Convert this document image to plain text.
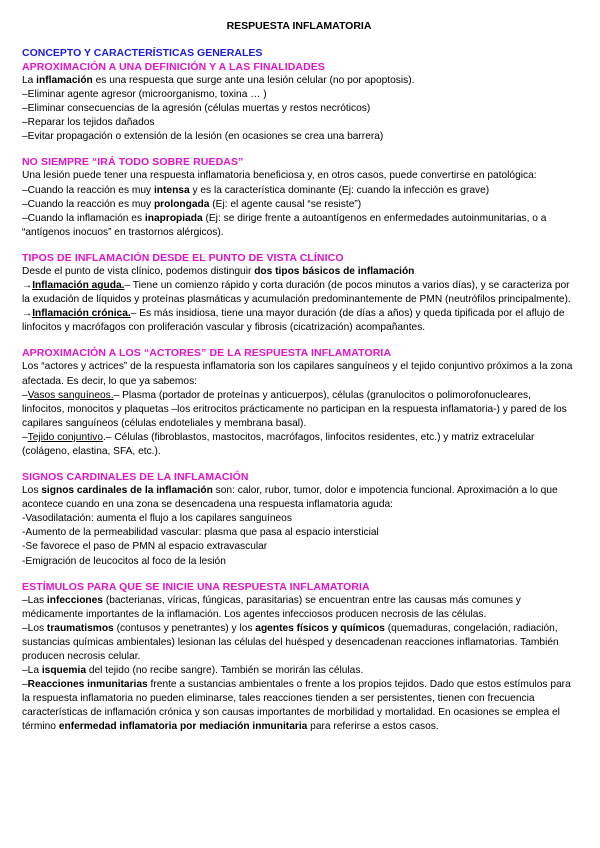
RESPUESTA INFLAMATORIA
CONCEPTO Y CARACTERÍSTICAS GENERALES
APROXIMACIÓN A UNA DEFINICIÓN Y A LAS FINALIDADES

La inflamación es una respuesta que surge ante una lesión celular (no por apoptosis).

–Eliminar agente agresor (microorganismo, toxina … )

–Eliminar consecuencias de la agresión (células muertas y restos necróticos)

–Reparar los tejidos dañados

–Evitar propagación o extensión de la lesión (en ocasiones se crea una barrera)

NO SIEMPRE “IRÁ TODO SOBRE RUEDAS”

Una lesión puede tener una respuesta inflamatoria beneficiosa y, en otros casos, puede convertirse en patológica:

–Cuando la reacción es muy intensa y es la característica dominante (Ej: cuando la infección es grave)

–Cuando la reacción es muy prolongada (Ej: el agente causal “se resiste”)

–Cuando la inflamación es inapropiada (Ej: se dirige frente a autoantígenos en enfermedades autoinmunitarias, o a “antígenos inocuos” en trastornos alérgicos).

TIPOS DE INFLAMACIÓN DESDE EL PUNTO DE VISTA CLÍNICO

Desde el punto de vista clínico, podemos distinguir dos tipos básicos de inflamación

→Inflamación aguda.– Tiene un comienzo rápido y corta duración (de pocos minutos a varios días), y se caracteriza por la exudación de líquidos y proteínas plasmáticas y acumulación predominantemente de PMN (neutrófilos principalmente).

→Inflamación crónica.– Es más insidiosa, tiene una mayor duración (de días a años) y queda tipificada por el aflujo de linfocitos y macrófagos con proliferación vascular y fibrosis (cicatrización) acompañantes.

APROXIMACIÓN A LOS “ACTORES” DE LA RESPUESTA INFLAMATORIA

Los “actores y actrices” de la respuesta inflamatoria son los capilares sanguíneos y el tejido conjuntivo próximos a la zona afectada. Es decir, lo que ya sabemos:

–Vasos sanguíneos.– Plasma (portador de proteínas y anticuerpos), células (granulocitos o polimorofonucleares, linfocitos, monocitos y plaquetas –los eritrocitos prácticamente no participan en la respuesta inflamatoria-) y pared de los capilares sanguíneos (células endoteliales y membrana basal).

–Tejido conjuntivo.– Células (fibroblastos, mastocitos, macrófagos, linfocitos residentes, etc.) y matriz extracelular (colágeno, elastina, SFA, etc.).

SIGNOS CARDINALES DE LA INFLAMACIÓN

Los signos cardinales de la inflamación son: calor, rubor, tumor, dolor e impotencia funcional. Aproximación a lo que acontece cuando en una zona se desencadena una respuesta inflamatoria aguda:

-Vasodilatación: aumenta el flujo a los capilares sanguíneos

-Aumento de la permeabilidad vascular: plasma que pasa al espacio intersticial

-Se favorece el paso de PMN al espacio extravascular

-Emigración de leucocitos al foco de la lesión

ESTÍMULOS PARA QUE SE INICIE UNA RESPUESTA INFLAMATORIA

–Las infecciones (bacterianas, víricas, fúngicas, parasitarias) se encuentran entre las causas más comunes y médicamente importantes de la inflamación. Los agentes infecciosos producen necrosis de las células.

–Los traumatismos (contusos y penetrantes) y los agentes físicos y químicos (quemaduras, congelación, radiación, sustancias químicas ambientales) lesionan las células del huésped y desencadenan reacciones inflamatorias. También producen necrosis celular.

–La isquemia del tejido (no recibe sangre). También se morirán las células.

–Reacciones inmunitarias frente a sustancias ambientales o frente a los propios tejidos. Dado que estos estímulos para la respuesta inflamatoria no pueden eliminarse, tales reacciones tienden a ser persistentes, tienen con frecuencia características de inflamación crónica y son causas importantes de morbilidad y mortalidad. En ocasiones se emplea el término enfermedad inflamatoria por mediación inmunitaria para referirse a estos casos.
